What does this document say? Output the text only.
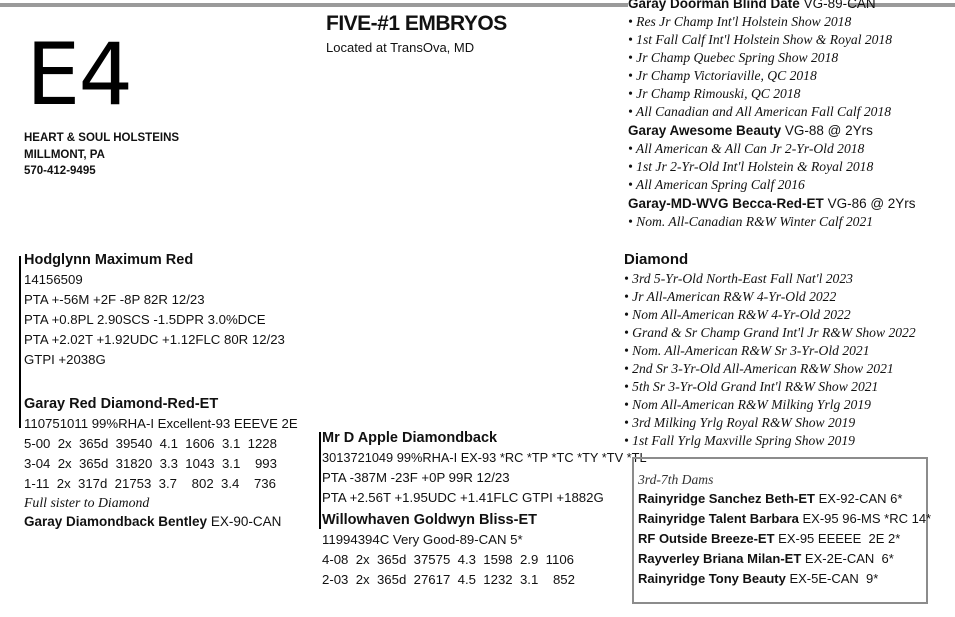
E4
HEART & SOUL HOLSTEINS
MILLMONT, PA
570-412-9495
FIVE-#1 EMBRYOS
Located at TransOva, MD
Hodglynn Maximum Red
14156509
PTA +-56M +2F -8P 82R 12/23
PTA +0.8PL 2.90SCS -1.5DPR 3.0%DCE
PTA +2.02T +1.92UDC +1.12FLC 80R 12/23
GTPI +2038G
Garay Red Diamond-Red-ET
110751011 99%RHA-I Excellent-93 EEEVE 2E
5-00  2x  365d  39540  4.1  1606  3.1  1228
3-04  2x  365d  31820  3.3  1043  3.1    993
1-11  2x  317d  21753  3.7    802  3.4    736
Full sister to Diamond
Garay Diamondback Bentley EX-90-CAN
Mr D Apple Diamondback
3013721049 99%RHA-I EX-93 *RC *TP *TC *TY *TV *TL
PTA -387M -23F +0P 99R 12/23
PTA +2.56T +1.95UDC +1.41FLC GTPI +1882G
Willowhaven Goldwyn Bliss-ET
11994394C Very Good-89-CAN 5*
4-08  2x  365d  37575  4.3  1598  2.9  1106
2-03  2x  365d  27617  4.5  1232  3.1    852
Garay Doorman Blind Date VG-89-CAN
• Res Jr Champ Int'l Holstein Show 2018
• 1st Fall Calf Int'l Holstein Show & Royal 2018
• Jr Champ Quebec Spring Show 2018
• Jr Champ Victoriaville, QC 2018
• Jr Champ Rimouski, QC 2018
• All Canadian and All American Fall Calf 2018
Garay Awesome Beauty VG-88 @ 2Yrs
• All American & All Can Jr 2-Yr-Old 2018
• 1st Jr 2-Yr-Old Int'l Holstein & Royal 2018
• All American Spring Calf 2016
Garay-MD-WVG Becca-Red-ET VG-86 @ 2Yrs
• Nom. All-Canadian R&W Winter Calf 2021
Diamond
• 3rd 5-Yr-Old North-East Fall Nat'l 2023
• Jr All-American R&W 4-Yr-Old 2022
• Nom All-American R&W 4-Yr-Old 2022
• Grand & Sr Champ Grand Int'l Jr R&W Show 2022
• Nom. All-American R&W Sr 3-Yr-Old 2021
• 2nd Sr 3-Yr-Old All-American R&W Show 2021
• 5th Sr 3-Yr-Old Grand Int'l R&W Show 2021
• Nom All-American R&W Milking Yrlg 2019
• 3rd Milking Yrlg Royal R&W Show 2019
• 1st Fall Yrlg Maxville Spring Show 2019
3rd-7th Dams
Rainyridge Sanchez Beth-ET EX-92-CAN 6*
Rainyridge Talent Barbara EX-95 96-MS *RC 14*
RF Outside Breeze-ET EX-95 EEEEE  2E 2*
Rayverley Briana Milan-ET EX-2E-CAN  6*
Rainyridge Tony Beauty EX-5E-CAN  9*
